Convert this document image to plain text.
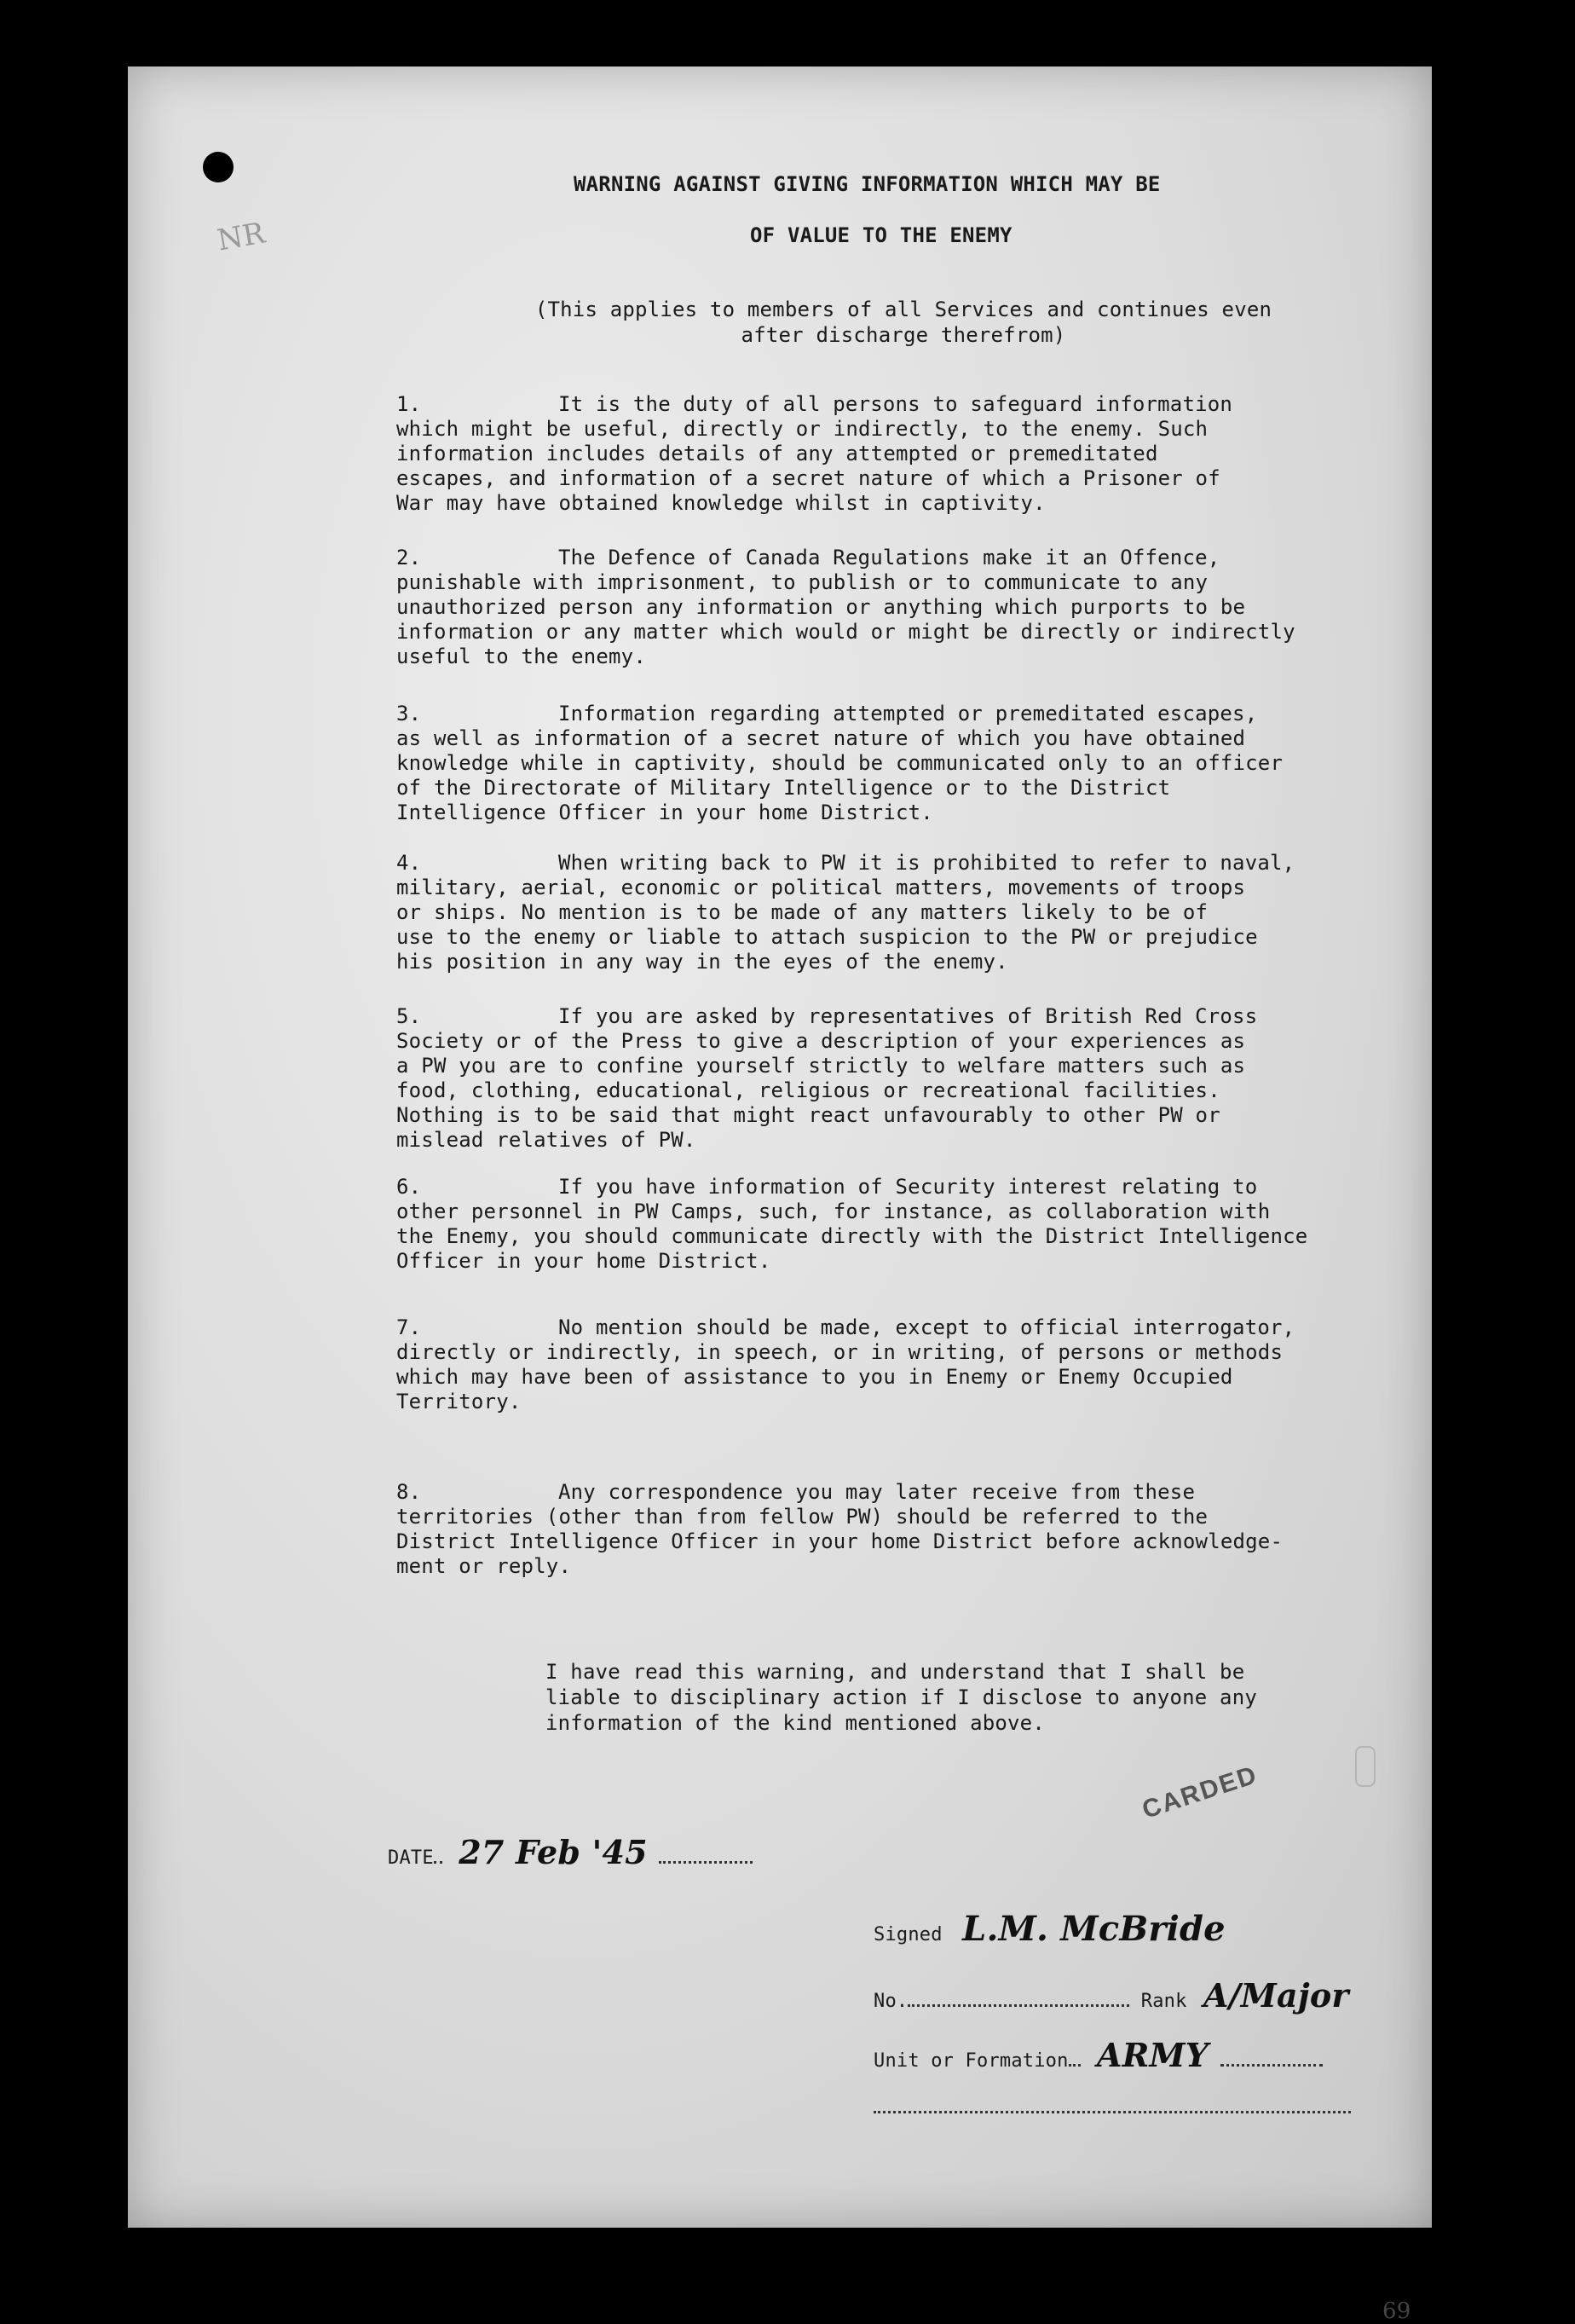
WARNING AGAINST GIVING INFORMATION WHICH MAY BE
OF VALUE TO THE ENEMY
(This applies to members of all Services and continues even
after discharge therefrom)
1.	It is the duty of all persons to safeguard information
which might be useful, directly or indirectly, to the enemy. Such
information includes details of any attempted or premeditated
escapes, and information of a secret nature of which a Prisoner of
War may have obtained knowledge whilst in captivity.
2.	The Defence of Canada Regulations make it an Offence,
punishable with imprisonment, to publish or to communicate to any
unauthorized person any information or anything which purports to be
information or any matter which would or might be directly or indirectly
useful to the enemy.
3.	Information regarding attempted or premeditated escapes,
as well as information of a secret nature of which you have obtained
knowledge while in captivity, should be communicated only to an officer
of the Directorate of Military Intelligence or to the District
Intelligence Officer in your home District.
4.	When writing back to PW it is prohibited to refer to naval,
military, aerial, economic or political matters, movements of troops
or ships. No mention is to be made of any matters likely to be of
use to the enemy or liable to attach suspicion to the PW or prejudice
his position in any way in the eyes of the enemy.
5.	If you are asked by representatives of British Red Cross
Society or of the Press to give a description of your experiences as
a PW you are to confine yourself strictly to welfare matters such as
food, clothing, educational, religious or recreational facilities.
Nothing is to be said that might react unfavourably to other PW or
mislead relatives of PW.
6.	If you have information of Security interest relating to
other personnel in PW Camps, such, for instance, as collaboration with
the Enemy, you should communicate directly with the District Intelligence
Officer in your home District.
7.	No mention should be made, except to official interrogator,
directly or indirectly, in speech, or in writing, of persons or methods
which may have been of assistance to you in Enemy or Enemy Occupied
Territory.
8.	Any correspondence you may later receive from these
territories (other than from fellow PW) should be referred to the
District Intelligence Officer in your home District before acknowledge-
ment or reply.
I have read this warning, and understand that I shall be liable to disciplinary action if I disclose to anyone any information of the kind mentioned above.
DATE 27 Feb '45
CARDED
Signed L.M. McBride
No.	Rank A/Major
Unit or Formation ARMY
NR
69
